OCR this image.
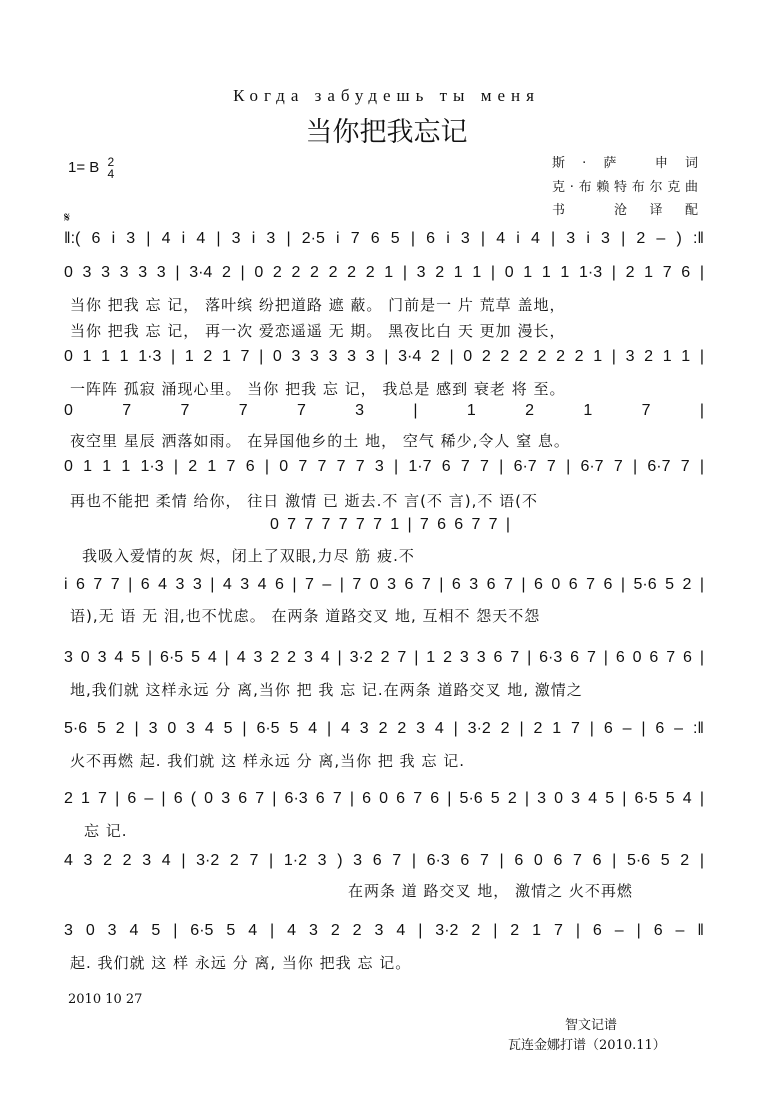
Когда забудешь ты меня
当你把我忘记
1= B 2
4
斯·萨 申词
克·布赖特布尔克曲
书 沧译配
𝄋
‖:( 6 i 3 | 4 i 4 | 3 i 3 | 2·5 i 7 6 5 | 6 i 3 | 4 i 4 | 3 i 3 | 2 – ) :‖
0 3 3 3 3 3 | 3·4 2 | 0 2 2 2 2 2 2 1 | 3 2 1 1 | 0 1 1 1 1·3 | 2 1 7 6 |
当你 把我 忘 记， 落叶缤 纷把道路 遮 蔽。 门前是一 片 荒草 盖地，
当你 把我 忘 记， 再一次 爱恋遥遥 无 期。 黑夜比白 天 更加 漫长，
0 1 1 1 1·3 | 1 2 1 7 | 0 3 3 3 3 3 | 3·4 2 | 0 2 2 2 2 2 2 1 | 3 2 1 1 |
一阵阵 孤寂 涌现心里。 当你 把我 忘 记， 我总是 感到 衰老 将 至。
0 7 7 7 7 3 | 1 2 1 7 |
夜空里 星辰 洒落如雨。 在异国他乡的土 地， 空气 稀少,令人 窒 息。
0 1 1 1 1·3 | 2 1 7 6 | 0 7 7 7 7 3 | 1·7 6 7 7 | 6·7 7 | 6·7 7 | 6·7 7 |
再也不能把 柔情 给你， 往日 激情 已 逝去.不 言(不 言),不 语(不
0 7 7 7 7 7 7 1 | 7 6 6 7 7 |
我吸入爱情的灰 烬，闭上了双眼,力尽 筋 疲.不
i 6 7 7 | 6 4 3 3 | 4 3 4 6 | 7 – | 7 0 3 6 7 | 6 3 6 7 | 6 0 6 7 6 | 5·6 5 2 |
语),无 语 无 泪,也不忧虑。 在两条 道路交叉 地, 互相不 怨天不怨
3 0 3 4 5 | 6·5 5 4 | 4 3 2 2 3 4 | 3·2 2 7 | 1 2 3 3 6 7 | 6·3 6 7 | 6 0 6 7 6 |
地,我们就 这样永远 分 离,当你 把 我 忘 记.在两条 道路交叉 地, 激情之
5·6 5 2 | 3 0 3 4 5 | 6·5 5 4 | 4 3 2 2 3 4 | 3·2 2 | 2 1 7 | 6 – | 6 – :‖
火不再燃 起. 我们就 这 样永远 分 离,当你 把 我 忘 记.
2 1 7 | 6 – | 6 ( 0 3 6 7 | 6·3 6 7 | 6 0 6 7 6 | 5·6 5 2 | 3 0 3 4 5 | 6·5 5 4 |
忘 记.
4 3 2 2 3 4 | 3·2 2 7 | 1·2 3 ) 3 6 7 | 6·3 6 7 | 6 0 6 7 6 | 5·6 5 2 |
在两条 道 路交叉 地， 激情之 火不再燃
3 0 3 4 5 | 6·5 5 4 | 4 3 2 2 3 4 | 3·2 2 | 2 1 7 | 6 – | 6 – ‖
起. 我们就 这 样 永远 分 离, 当你 把我 忘 记。
2010 10 27
智文记谱
瓦连金娜打谱（2010.11）
